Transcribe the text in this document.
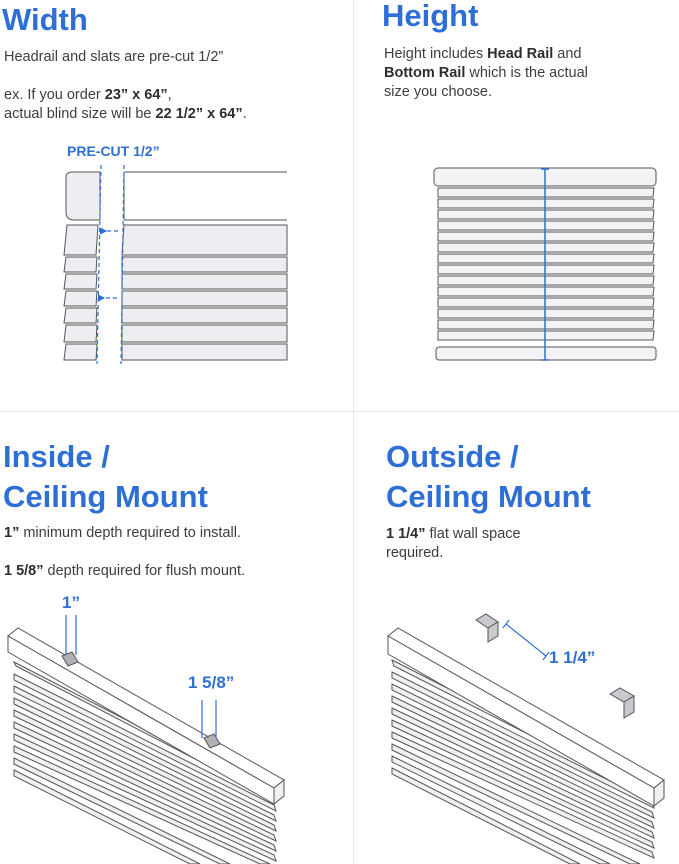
Width

Headrail and slats are pre-cut 1/2”

ex. If you order 23” x 64”,

actual blind size will be 22 1/2” x 64”.

PRE-CUT 1/2”
Height

Height includes Head Rail and

Bottom Rail which is the actual

size you choose.

Inside /
Ceiling Mount

1” minimum depth required to install.

1 5/8” depth required for flush mount.

1”
1 5/8”
Outside /
Ceiling Mount

1 1/4” flat wall space

required.

1 1/4”
